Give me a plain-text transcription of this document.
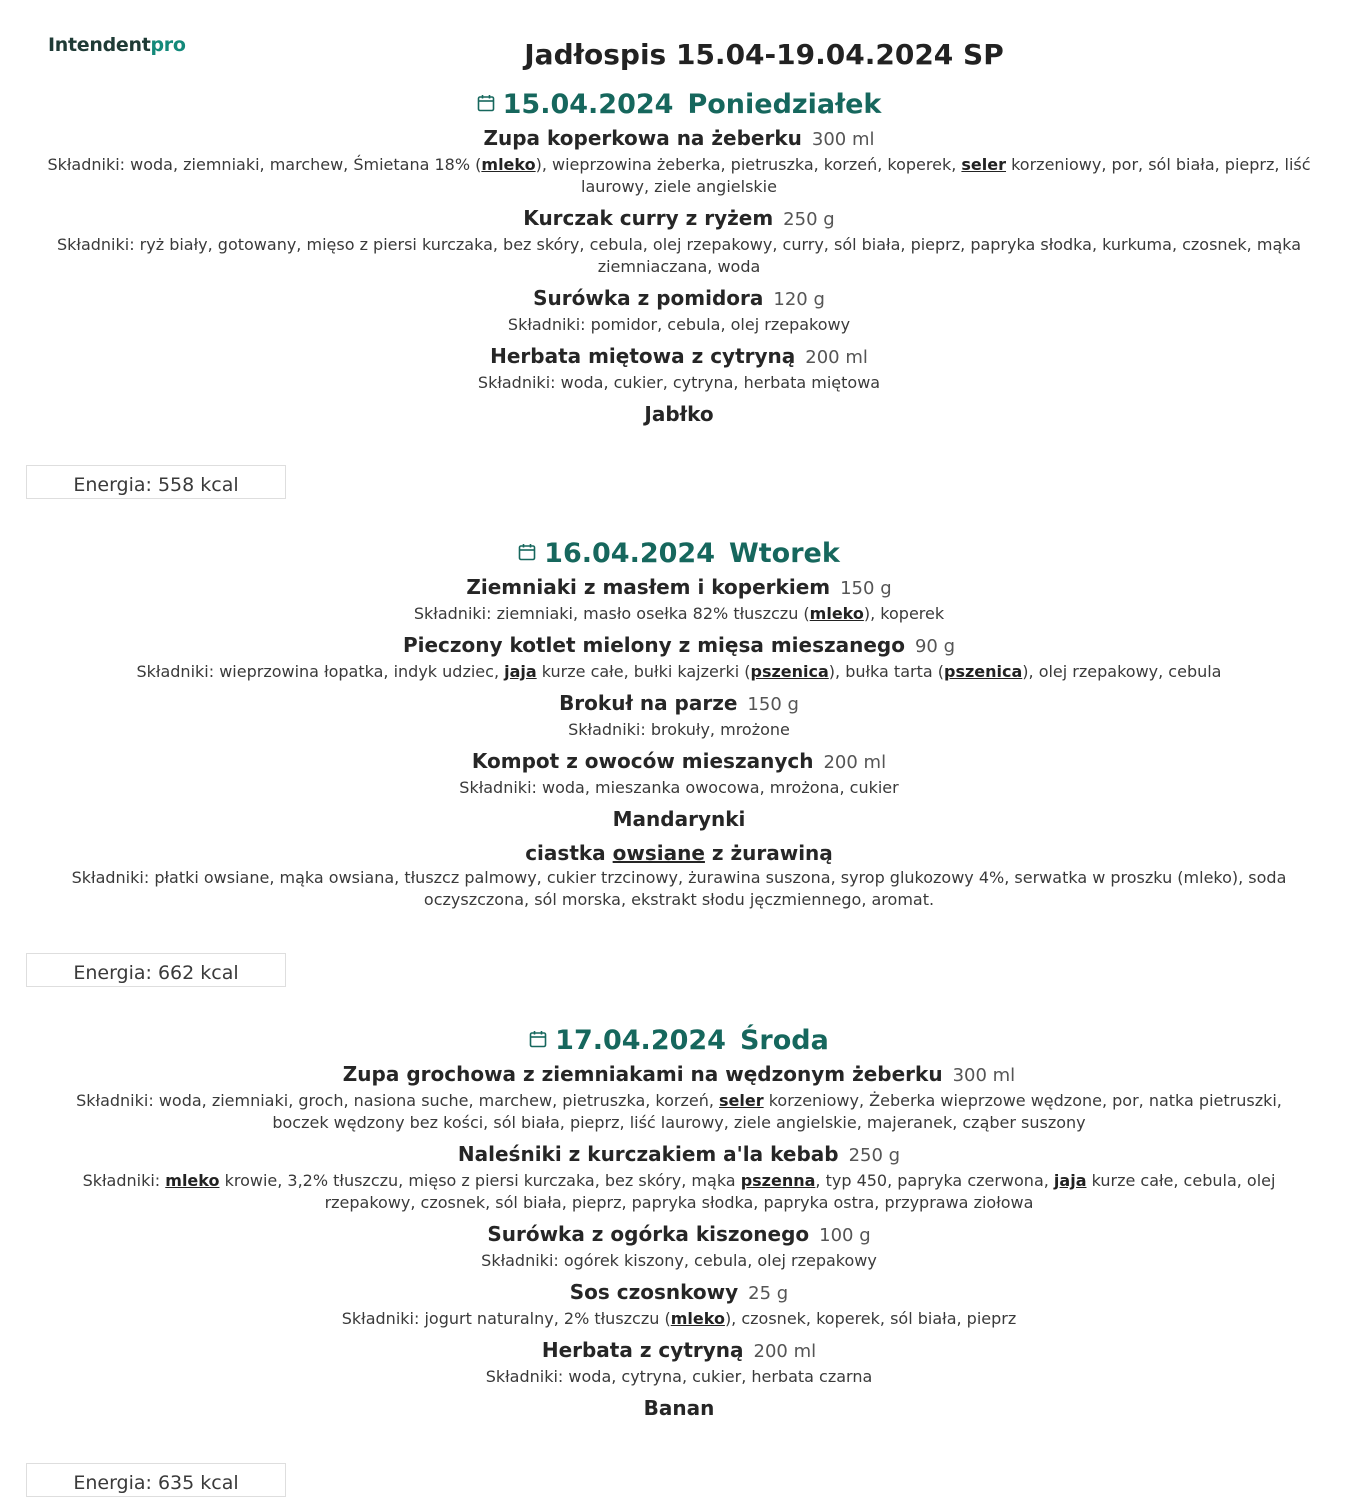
Intendentpro	Jadłospis 15.04-19.04.2024 SP
15.04.2024 Poniedziałek
Zupa koperkowa na żeberku 300 ml
Składniki: woda, ziemniaki, marchew, Śmietana 18% (mleko), wieprzowina żeberka, pietruszka, korzeń, koperek, seler korzeniowy, por, sól biała, pieprz, liść laurowy, ziele angielskie
Kurczak curry z ryżem 250 g
Składniki: ryż biały, gotowany, mięso z piersi kurczaka, bez skóry, cebula, olej rzepakowy, curry, sól biała, pieprz, papryka słodka, kurkuma, czosnek, mąka ziemniaczana, woda
Surówka z pomidora 120 g
Składniki: pomidor, cebula, olej rzepakowy
Herbata miętowa z cytryną 200 ml
Składniki: woda, cukier, cytryna, herbata miętowa
Jabłko
Energia: 558 kcal
16.04.2024 Wtorek
Ziemniaki z masłem i koperkiem 150 g
Składniki: ziemniaki, masło osełka 82% tłuszczu (mleko), koperek
Pieczony kotlet mielony z mięsa mieszanego 90 g
Składniki: wieprzowina łopatka, indyk udziec, jaja kurze całe, bułki kajzerki (pszenica), bułka tarta (pszenica), olej rzepakowy, cebula
Brokuł na parze 150 g
Składniki: brokuły, mrożone
Kompot z owoców mieszanych 200 ml
Składniki: woda, mieszanka owocowa, mrożona, cukier
Mandarynki
ciastka owsiane z żurawiną
Składniki: płatki owsiane, mąka owsiana, tłuszcz palmowy, cukier trzcinowy, żurawina suszona, syrop glukozowy 4%, serwatka w proszku (mleko), soda oczyszczona, sól morska, ekstrakt słodu jęczmiennego, aromat.
Energia: 662 kcal
17.04.2024 Środa
Zupa grochowa z ziemniakami na wędzonym żeberku 300 ml
Składniki: woda, ziemniaki, groch, nasiona suche, marchew, pietruszka, korzeń, seler korzeniowy, Żeberka wieprzowe wędzone, por, natka pietruszki, boczek wędzony bez kości, sól biała, pieprz, liść laurowy, ziele angielskie, majeranek, cząber suszony
Naleśniki z kurczakiem a'la kebab 250 g
Składniki: mleko krowie, 3,2% tłuszczu, mięso z piersi kurczaka, bez skóry, mąka pszenna, typ 450, papryka czerwona, jaja kurze całe, cebula, olej rzepakowy, czosnek, sól biała, pieprz, papryka słodka, papryka ostra, przyprawa ziołowa
Surówka z ogórka kiszonego 100 g
Składniki: ogórek kiszony, cebula, olej rzepakowy
Sos czosnkowy 25 g
Składniki: jogurt naturalny, 2% tłuszczu (mleko), czosnek, koperek, sól biała, pieprz
Herbata z cytryną 200 ml
Składniki: woda, cytryna, cukier, herbata czarna
Banan
Energia: 635 kcal
